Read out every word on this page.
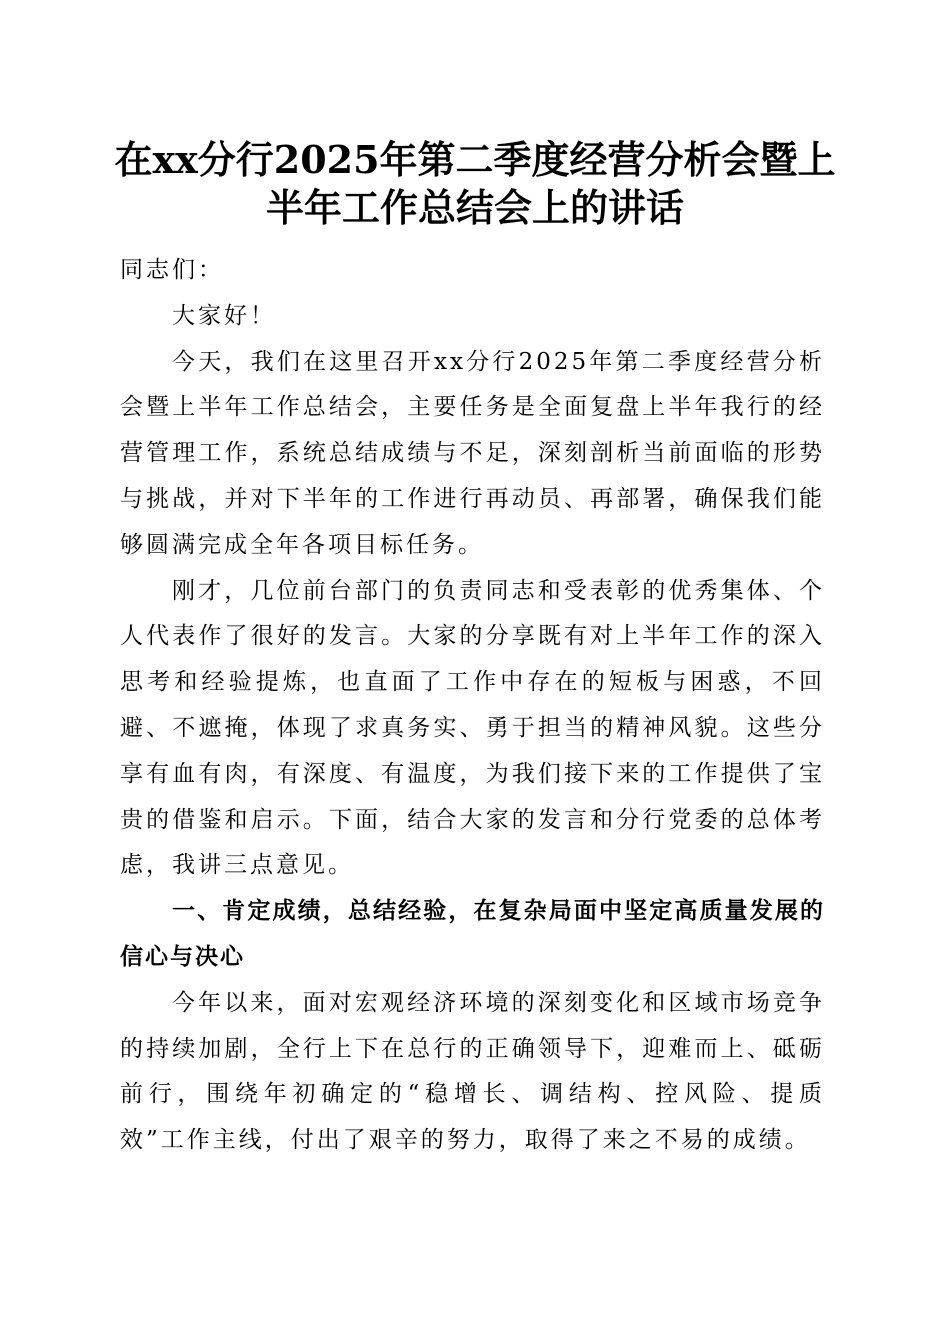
在xx分行2025年第二季度经营分析会暨上半年工作总结会上的讲话

同志们：

大家好！

今天，我们在这里召开xx分行2025年第二季度经营分析会暨上半年工作总结会，主要任务是全面复盘上半年我行的经营管理工作，系统总结成绩与不足，深刻剖析当前面临的形势与挑战，并对下半年的工作进行再动员、再部署，确保我们能够圆满完成全年各项目标任务。

刚才，几位前台部门的负责同志和受表彰的优秀集体、个人代表作了很好的发言。大家的分享既有对上半年工作的深入思考和经验提炼，也直面了工作中存在的短板与困惑，不回避、不遮掩，体现了求真务实、勇于担当的精神风貌。这些分享有血有肉，有深度、有温度，为我们接下来的工作提供了宝贵的借鉴和启示。下面，结合大家的发言和分行党委的总体考虑，我讲三点意见。

一、肯定成绩，总结经验，在复杂局面中坚定高质量发展的信心与决心

今年以来，面对宏观经济环境的深刻变化和区域市场竞争的持续加剧，全行上下在总行的正确领导下，迎难而上、砥砺前行，围绕年初确定的“稳增长、调结构、控风险、提质效”工作主线，付出了艰辛的努力，取得了来之不易的成绩。
